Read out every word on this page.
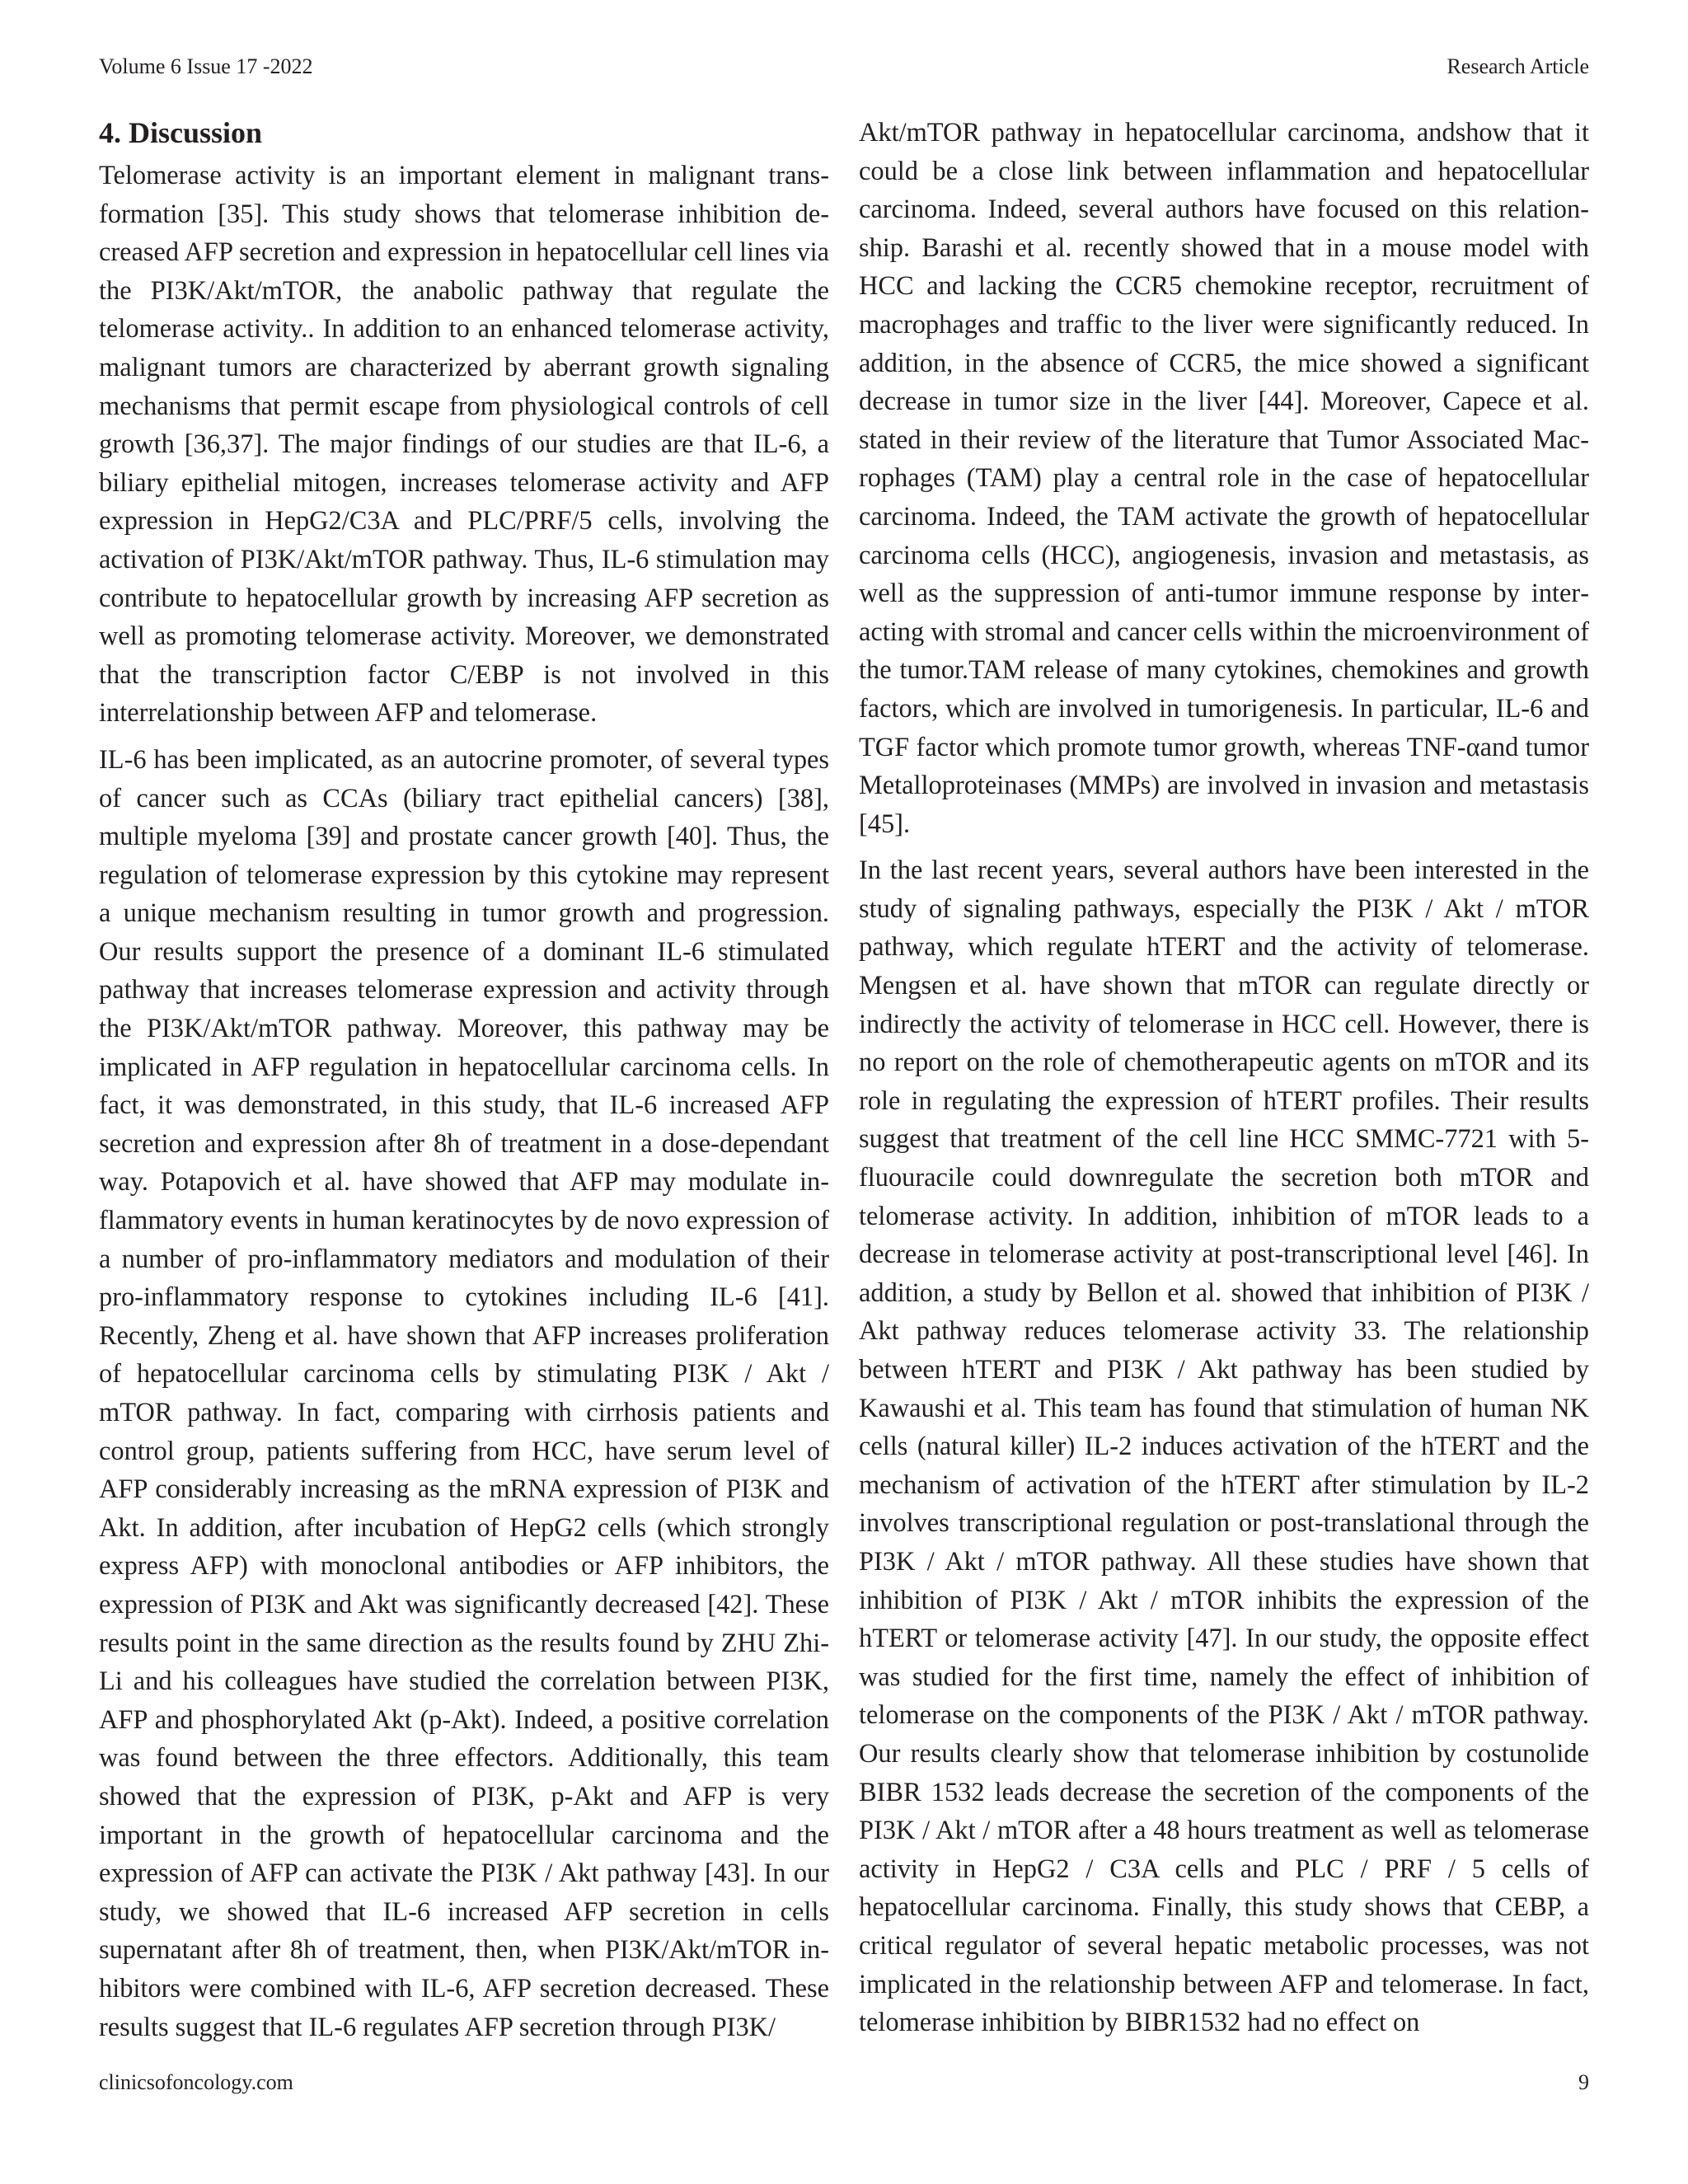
Volume 6 Issue 17 -2022	Research Article
4. Discussion

Telomerase activity is an important element in malignant transformation [35]. This study shows that telomerase inhibition decreased AFP secretion and expression in hepatocellular cell lines via the PI3K/Akt/mTOR, the anabolic pathway that regulate the telomerase activity.. In addition to an enhanced telomerase activity, malignant tumors are characterized by aberrant growth signaling mechanisms that permit escape from physiological controls of cell growth [36,37]. The major findings of our studies are that IL-6, a biliary epithelial mitogen, increases telomerase activity and AFP expression in HepG2/C3A and PLC/PRF/5 cells, involving the activation of PI3K/Akt/mTOR pathway. Thus, IL-6 stimulation may contribute to hepatocellular growth by increasing AFP secretion as well as promoting telomerase activity. Moreover, we demonstrated that the transcription factor C/EBP is not involved in this interrelationship between AFP and telomerase.

IL-6 has been implicated, as an autocrine promoter, of several types of cancer such as CCAs (biliary tract epithelial cancers) [38], multiple myeloma [39] and prostate cancer growth [40]. Thus, the regulation of telomerase expression by this cytokine may represent a unique mechanism resulting in tumor growth and progression. Our results support the presence of a dominant IL-6 stimulated pathway that increases telomerase expression and activity through the PI3K/Akt/mTOR pathway. Moreover, this pathway may be implicated in AFP regulation in hepatocellular carcinoma cells. In fact, it was demonstrated, in this study, that IL-6 increased AFP secretion and expression after 8h of treatment in a dose-dependant way. Potapovich et al. have showed that AFP may modulate inflammatory events in human keratinocytes by de novo expression of a number of pro-inflammatory mediators and modulation of their pro-inflammatory response to cytokines including IL-6 [41]. Recently, Zheng et al. have shown that AFP increases proliferation of hepatocellular carcinoma cells by stimulating PI3K / Akt / mTOR pathway. In fact, comparing with cirrhosis patients and control group, patients suffering from HCC, have serum level of AFP considerably increasing as the mRNA expression of PI3K and Akt. In addition, after incubation of HepG2 cells (which strongly express AFP) with monoclonal antibodies or AFP inhibitors, the expression of PI3K and Akt was significantly decreased [42]. These results point in the same direction as the results found by ZHU Zhi-Li and his colleagues have studied the correlation between PI3K, AFP and phosphorylated Akt (p-Akt). Indeed, a positive correlation was found between the three effectors. Additionally, this team showed that the expression of PI3K, p-Akt and AFP is very important in the growth of hepatocellular carcinoma and the expression of AFP can activate the PI3K / Akt pathway [43]. In our study, we showed that IL-6 increased AFP secretion in cells supernatant after 8h of treatment, then, when PI3K/Akt/mTOR inhibitors were combined with IL-6, AFP secretion decreased. These results suggest that IL-6 regulates AFP secretion through PI3K/

Akt/mTOR pathway in hepatocellular carcinoma, andshow that it could be a close link between inflammation and hepatocellular carcinoma. Indeed, several authors have focused on this relationship. Barashi et al. recently showed that in a mouse model with HCC and lacking the CCR5 chemokine receptor, recruitment of macrophages and traffic to the liver were significantly reduced. In addition, in the absence of CCR5, the mice showed a significant decrease in tumor size in the liver [44]. Moreover, Capece et al. stated in their review of the literature that Tumor Associated Macrophages (TAM) play a central role in the case of hepatocellular carcinoma. Indeed, the TAM activate the growth of hepatocellular carcinoma cells (HCC), angiogenesis, invasion and metastasis, as well as the suppression of anti-tumor immune response by interacting with stromal and cancer cells within the microenvironment of the tumor.TAM release of many cytokines, chemokines and growth factors, which are involved in tumorigenesis. In particular, IL-6 and TGF factor which promote tumor growth, whereas TNF-αand tumor Metalloproteinases (MMPs) are involved in invasion and metastasis [45].

In the last recent years, several authors have been interested in the study of signaling pathways, especially the PI3K / Akt / mTOR pathway, which regulate hTERT and the activity of telomerase. Mengsen et al. have shown that mTOR can regulate directly or indirectly the activity of telomerase in HCC cell. However, there is no report on the role of chemotherapeutic agents on mTOR and its role in regulating the expression of hTERT profiles. Their results suggest that treatment of the cell line HCC SMMC-7721 with 5-fluouracile could downregulate the secretion both mTOR and telomerase activity. In addition, inhibition of mTOR leads to a decrease in telomerase activity at post-transcriptional level [46]. In addition, a study by Bellon et al. showed that inhibition of PI3K / Akt pathway reduces telomerase activity 33. The relationship between hTERT and PI3K / Akt pathway has been studied by Kawaushi et al. This team has found that stimulation of human NK cells (natural killer) IL-2 induces activation of the hTERT and the mechanism of activation of the hTERT after stimulation by IL-2 involves transcriptional regulation or post-translational through the PI3K / Akt / mTOR pathway. All these studies have shown that inhibition of PI3K / Akt / mTOR inhibits the expression of the hTERT or telomerase activity [47]. In our study, the opposite effect was studied for the first time, namely the effect of inhibition of telomerase on the components of the PI3K / Akt / mTOR pathway. Our results clearly show that telomerase inhibition by costunolide BIBR 1532 leads decrease the secretion of the components of the PI3K / Akt / mTOR after a 48 hours treatment as well as telomerase activity in HepG2 / C3A cells and PLC / PRF / 5 cells of hepatocellular carcinoma. Finally, this study shows that CEBP, a critical regulator of several hepatic metabolic processes, was not implicated in the relationship between AFP and telomerase. In fact, telomerase inhibition by BIBR1532 had no effect on

clinicsofoncology.com	9
